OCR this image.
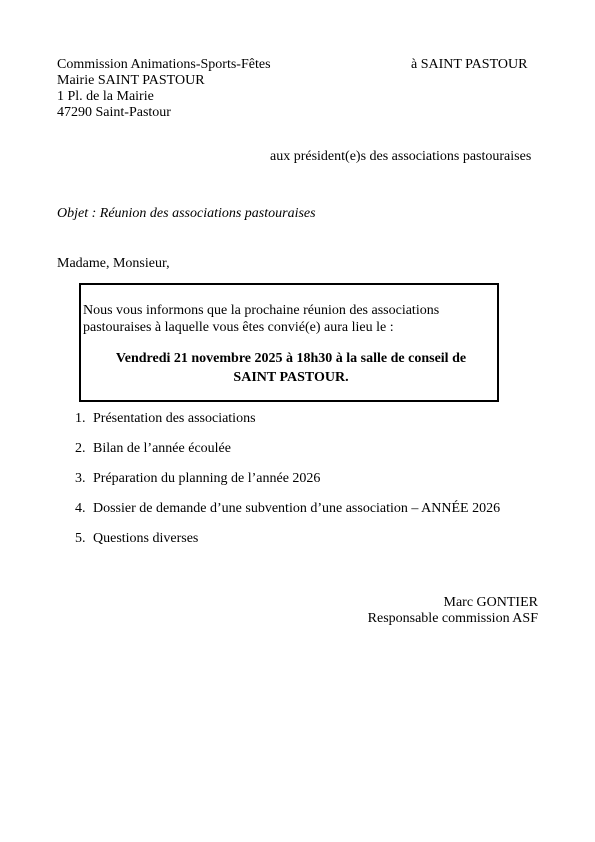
Commission Animations-Sports-Fêtes
Mairie SAINT PASTOUR
1 Pl. de la Mairie
47290 Saint-Pastour
à SAINT PASTOUR
aux président(e)s des associations pastouraises
Objet : Réunion des associations pastouraises
Madame, Monsieur,
Nous vous informons que la prochaine réunion des associations
pastouraises à laquelle vous êtes convié(e) aura lieu le :
Vendredi 21 novembre 2025 à 18h30 à la salle de conseil de
SAINT PASTOUR.
1. Présentation des associations
2. Bilan de l’année écoulée
3. Préparation du planning de l’année 2026
4. Dossier de demande d’une subvention d’une association – ANNÉE 2026
5. Questions diverses
Marc GONTIER
Responsable commission ASF
